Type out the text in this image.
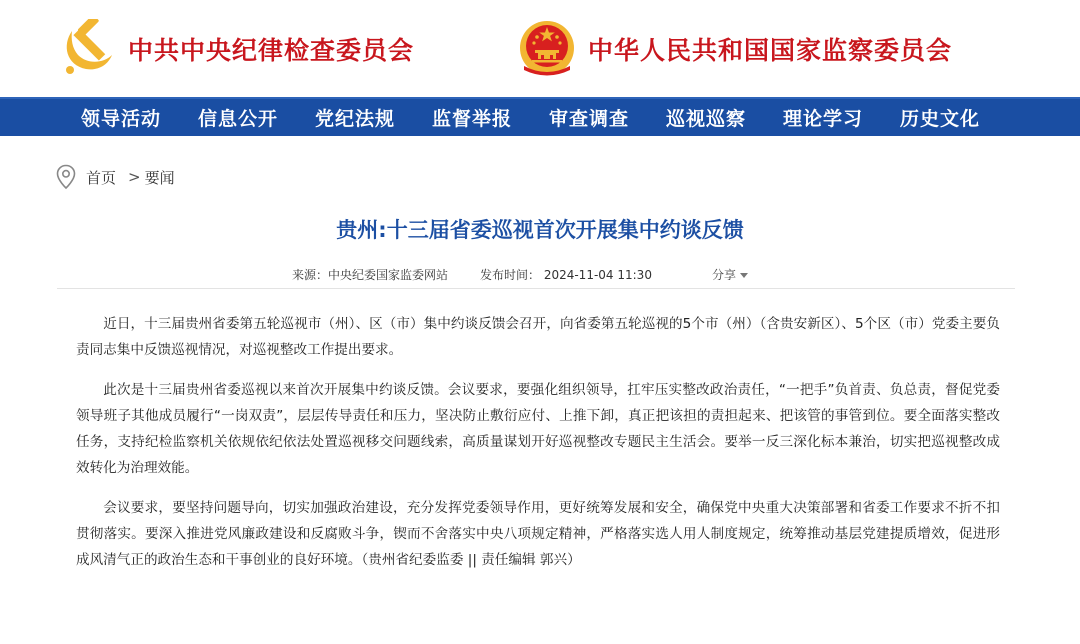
中共中央纪律检查委员会	中华人民共和国国家监察委员会
领导活动	信息公开	党纪法规	监督举报	审查调查	巡视巡察	理论学习	历史文化
首页 > 要闻
贵州:十三届省委巡视首次开展集中约谈反馈
来源：中央纪委国家监委网站	发布时间： 2024-11-04 11:30	分享

近日，十三届贵州省委第五轮巡视市（州）、区（市）集中约谈反馈会召开，向省委第五轮巡视的5个市（州）（含贵安新区）、5个区（市）党委主要负责同志集中反馈巡视情况，对巡视整改工作提出要求。

此次是十三届贵州省委巡视以来首次开展集中约谈反馈。会议要求，要强化组织领导，扛牢压实整改政治责任，“一把手”负首责、负总责，督促党委领导班子其他成员履行“一岗双责”，层层传导责任和压力，坚决防止敷衍应付、上推下卸，真正把该担的责担起来、把该管的事管到位。要全面落实整改任务，支持纪检监察机关依规依纪依法处置巡视移交问题线索，高质量谋划开好巡视整改专题民主生活会。要举一反三深化标本兼治，切实把巡视整改成效转化为治理效能。

会议要求，要坚持问题导向，切实加强政治建设，充分发挥党委领导作用，更好统筹发展和安全，确保党中央重大决策部署和省委工作要求不折不扣贯彻落实。要深入推进党风廉政建设和反腐败斗争，锲而不舍落实中央八项规定精神，严格落实选人用人制度规定，统筹推动基层党建提质增效，促进形成风清气正的政治生态和干事创业的良好环境。（贵州省纪委监委 || 责任编辑 郭兴）
